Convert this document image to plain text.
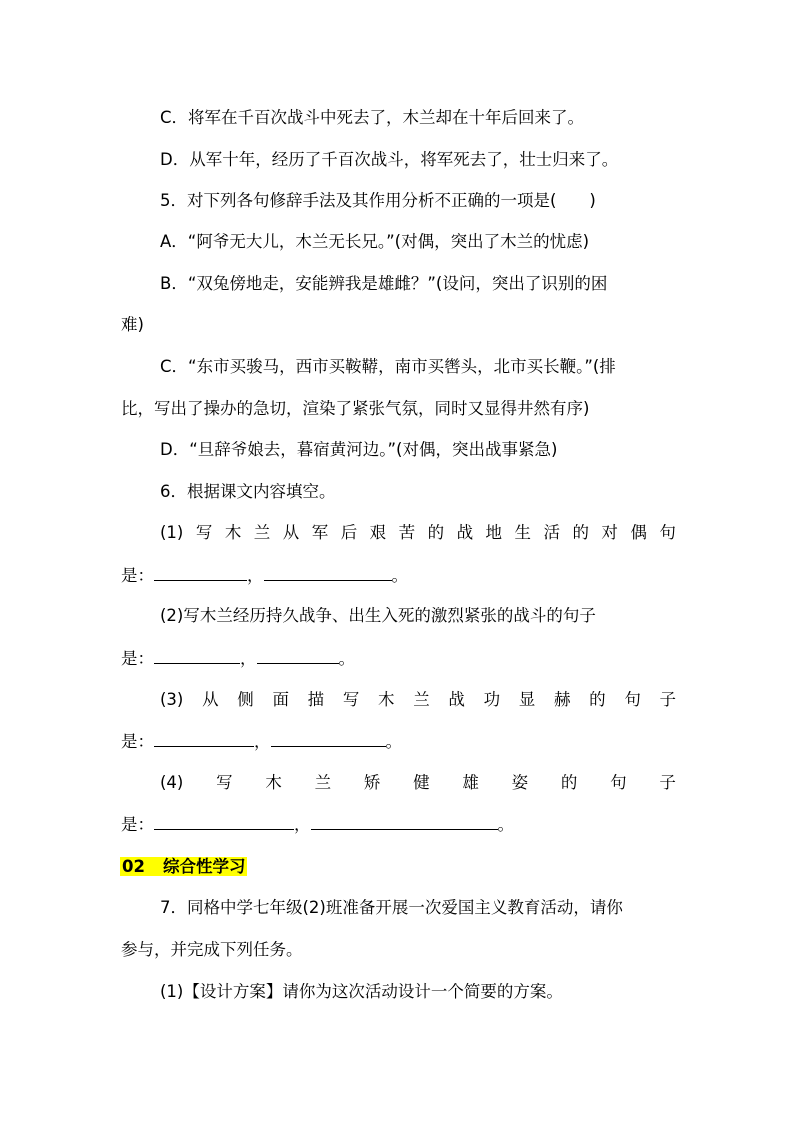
C．将军在千百次战斗中死去了，木兰却在十年后回来了。
D．从军十年，经历了千百次战斗，将军死去了，壮士归来了。
5．对下列各句修辞手法及其作用分析不正确的一项是(　　)
A．“阿爷无大儿，木兰无长兄。”(对偶，突出了木兰的忧虑)
B．“双兔傍地走，安能辨我是雄雌？”(设问，突出了识别的困
难)
C．“东市买骏马，西市买鞍鞯，南市买辔头，北市买长鞭。”(排
比，写出了操办的急切，渲染了紧张气氛，同时又显得井然有序)
D．“旦辞爷娘去，暮宿黄河边。”(对偶，突出战事紧急)
6．根据课文内容填空。
(1) 写 木 兰 从 军 后 艰 苦 的 战 地 生 活 的 对 偶 句
是：	，	。
(2)写木兰经历持久战争、出生入死的激烈紧张的战斗的句子
是：	，	。
(3) 从 侧 面 描 写 木 兰 战 功 显 赫 的 句 子
是：	，	。
(4) 写 木 兰 矫 健 雄 姿 的 句 子
是：	，	。
02 综合性学习
7．同格中学七年级(2)班准备开展一次爱国主义教育活动，请你
参与，并完成下列任务。
(1)【设计方案】请你为这次活动设计一个简要的方案。
